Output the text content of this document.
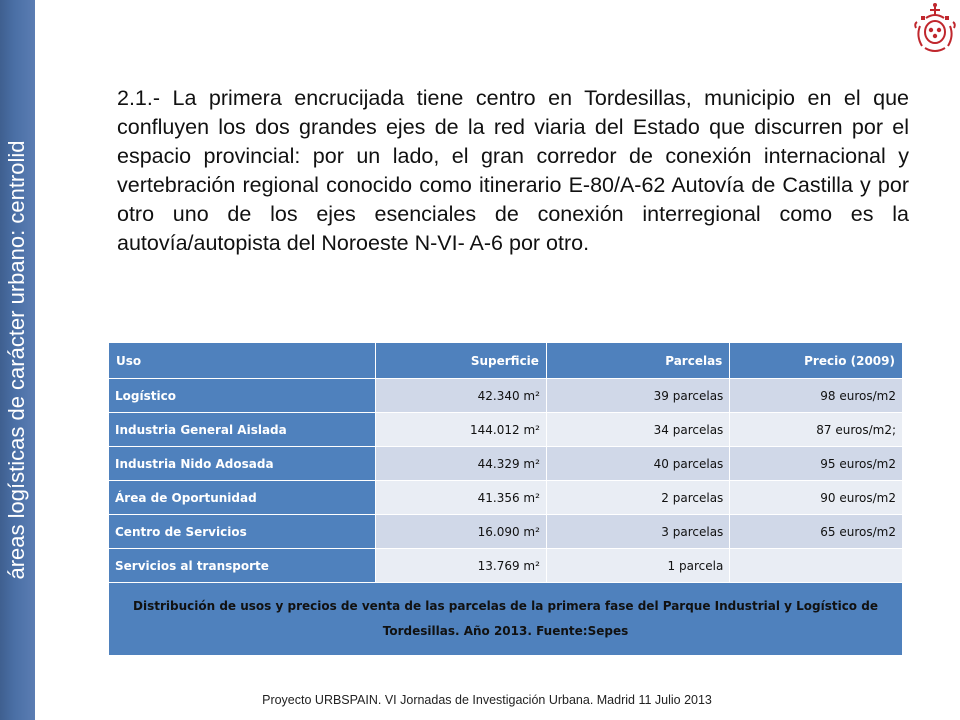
áreas logísticas de carácter urbano: centrolid
2.1.- La primera encrucijada tiene centro en Tordesillas, municipio en el que confluyen los dos grandes ejes de la red viaria del Estado que discurren por el espacio provincial: por un lado, el gran corredor de conexión internacional y vertebración regional conocido como itinerario E-80/A-62 Autovía de Castilla y por otro uno de los ejes esenciales de conexión interregional como es la autovía/autopista del Noroeste N-VI- A-6 por otro.
Uso	Superficie	Parcelas	Precio (2009)
Logístico	42.340 m²	39 parcelas	98 euros/m2
Industria General Aislada	144.012 m²	34 parcelas	87 euros/m2;
Industria Nido Adosada	44.329 m²	40 parcelas	95 euros/m2
Área de Oportunidad	41.356 m²	2 parcelas	90 euros/m2
Centro de Servicios	16.090 m²	3 parcelas	65 euros/m2
Servicios al transporte	13.769 m²	1 parcela	
Distribución de usos y precios de venta de las parcelas de la primera fase del Parque Industrial y Logístico de Tordesillas. Año 2013. Fuente:Sepes			
Proyecto URBSPAIN. VI Jornadas de Investigación Urbana. Madrid 11 Julio 2013
